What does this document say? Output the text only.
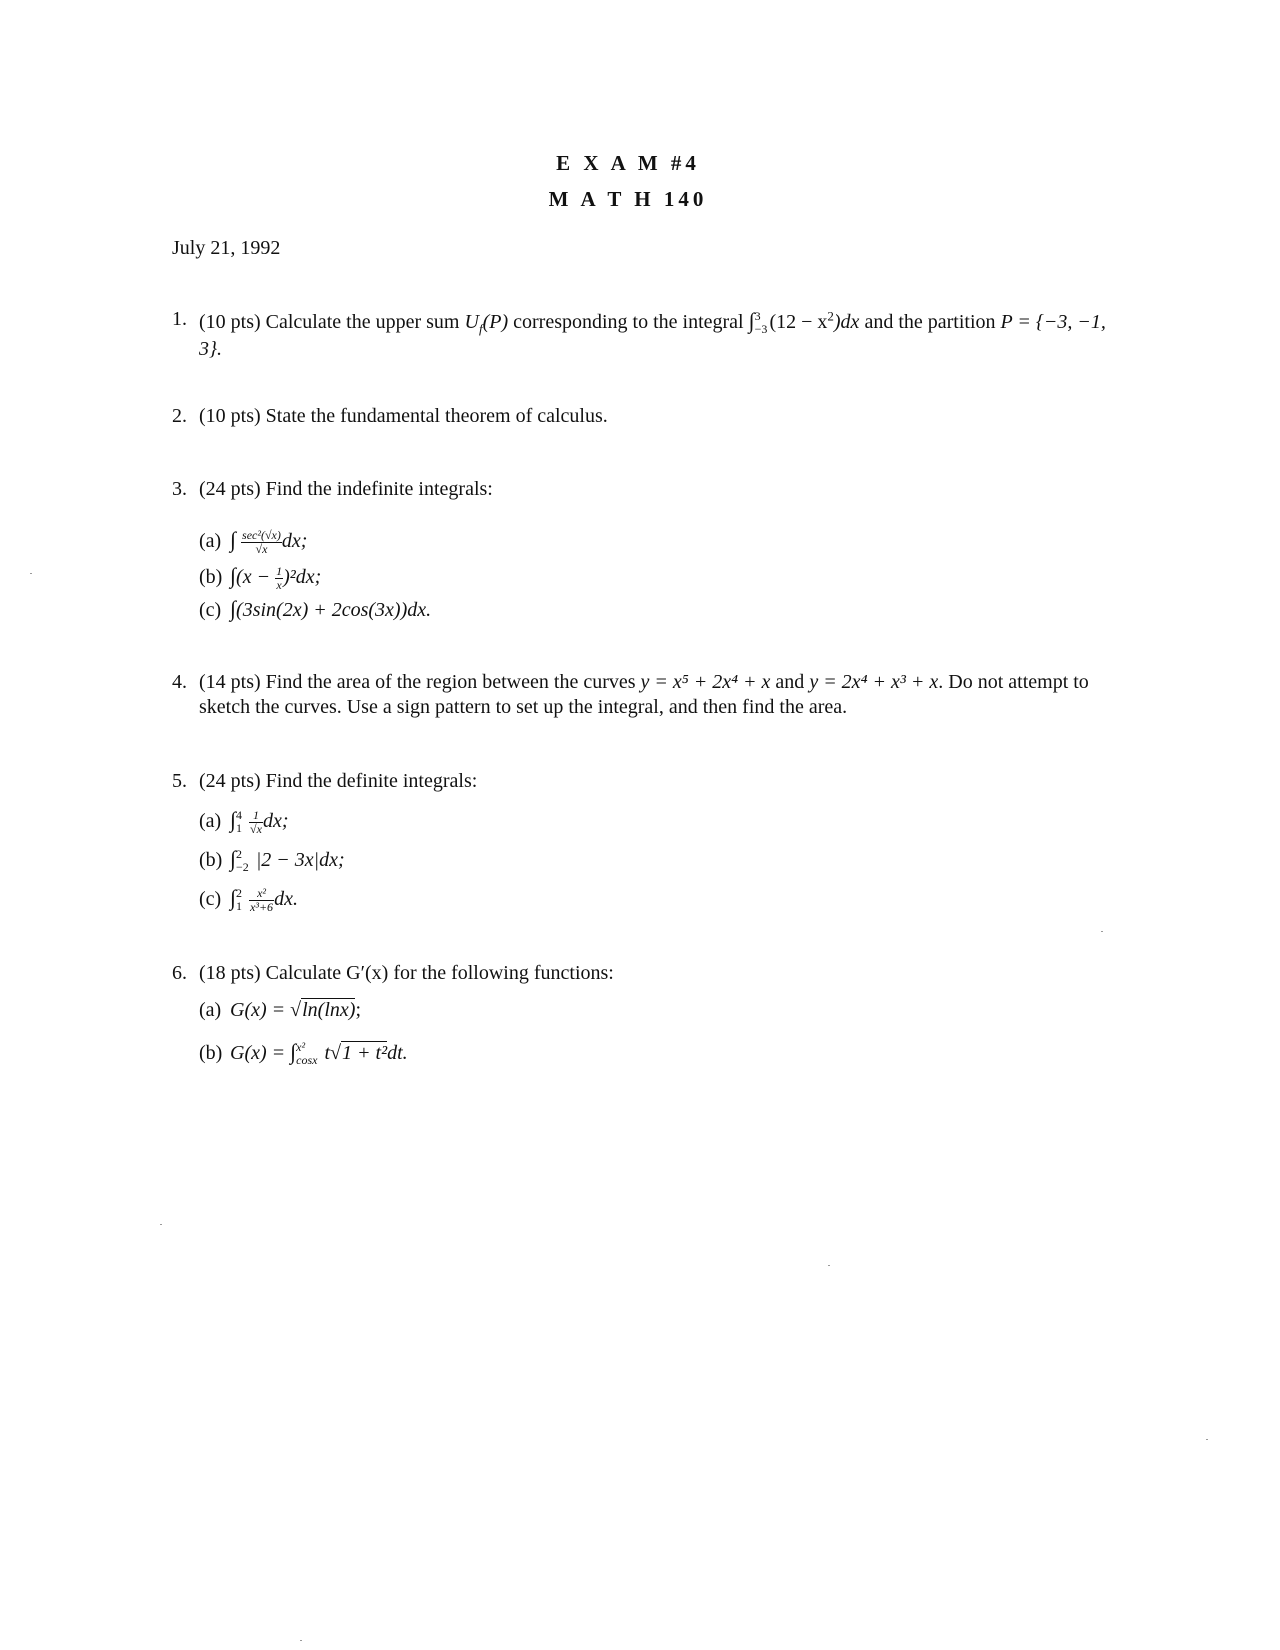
E X A M #4
M A T H 140
July 21, 1992
1. (10 pts) Calculate the upper sum $U_f(P)$ corresponding to the integral ∫ 3
−3 $(12 - x^2)dx$ and the partition P = {−3, −1, 3}.
2. (10 pts) State the fundamental theorem of calculus.
3. (24 pts) Find the indefinite integrals:
(a) ∫ $\frac{\text{sec²(√x)}}{√x}$ dx;
(b) $\int(x - \frac{1}{x} )^2dx$;
(c) ∫(3sin(2x) + 2cos(3x))dx.
4. (14 pts) Find the area of the region between the curves y = x⁵ + 2x⁴ + x and y = 2x⁴ + x³ + x. Do not attempt to sketch the curves. Use a sign pattern to set up the integral, and then find the area.
5. (24 pts) Find the definite integrals:
(a) ∫ 4
1
$\frac{1}{√x}$ dx;
(b) ∫ 2
−2 |2 − 3x|dx;
(c) ∫ 2
1
$\frac{\text{x²}}{\text{x³+6}}$ dx.
6. (18 pts) Calculate G′(x) for the following functions:
(a) G(x) = √ln(lnx);
(b) G(x) = ∫ x²
cosx t√1 + t²dt.
